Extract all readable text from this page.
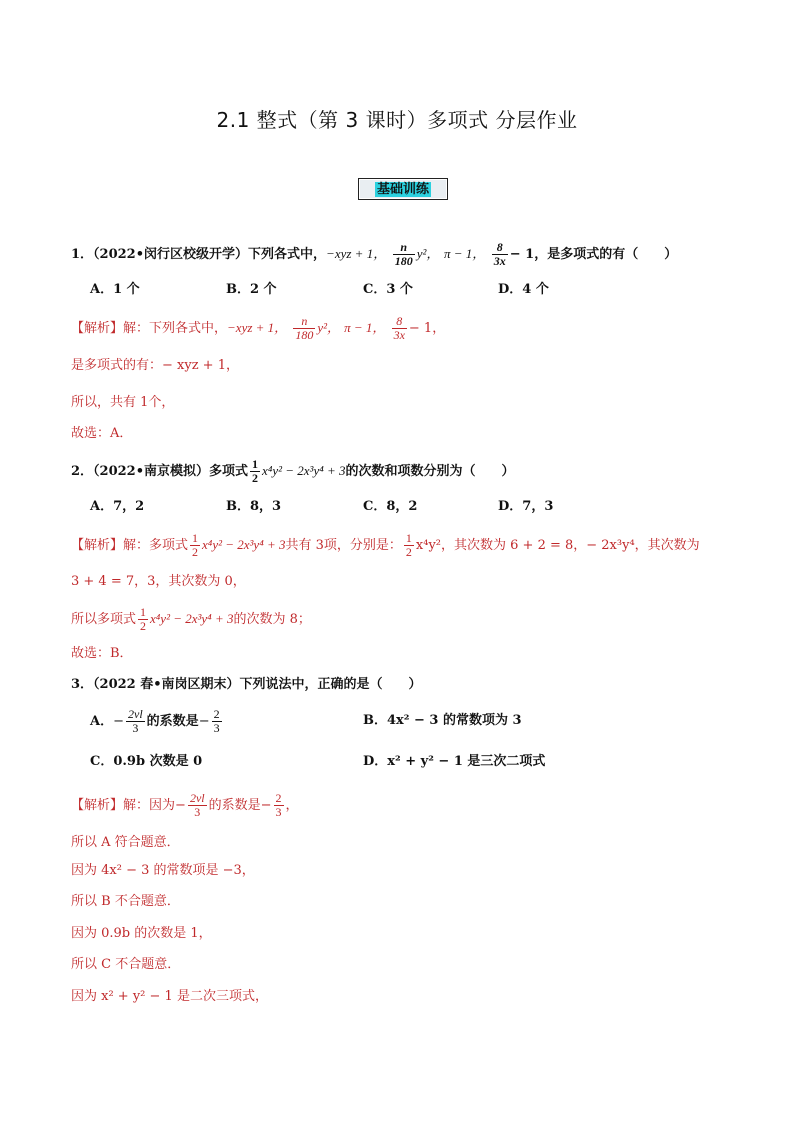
2.1 整式（第 3 课时）多项式 分层作业
基础训练
1．（2022•闵行区校级开学）下列各式中，−xyz + 1， $\frac{n}{180} y^2$， π − 1， $\frac{8}{3x} - 1$，是多项式的有（　　）
A．1 个	B．2 个	C．3 个	D．4 个
【解析】解：下列各式中，−xyz + 1， $\frac{n}{180} y^2$， π − 1， $\frac{8}{3x} - 1$，
是多项式的有：− xyz + 1，
所以，共有 1个，
故选：A．
2．（2022•南京模拟）多项式 $\frac{1}{2} x^4y^2 - 2x^3y^4 + 3$的次数和项数分别为（　　）
A．7，2	B．8，3	C．8，2	D．7，3
【解析】解：多项式 $\frac{1}{2} x^4y^2 - 2x^3y^4 + 3$共有 3项，分别是： $\frac{1}{2} x^4y^2$，其次数为 6 + 2 = 8，− 2x³y⁴，其次数为
3 + 4 = 7，3，其次数为 0，
所以多项式 $\frac{1}{2} x^4y^2 - 2x^3y^4 + 3$的次数为 8；
故选：B．
3．（2022 春•南岗区期末）下列说法中，正确的是（　　）
A．− $\frac{2vl}{3}$ 的系数是− $\frac{2}{3}$	B．4x² − 3 的常数项为 3
C．0.9b 次数是 0	D．x² + y² − 1 是三次二项式
【解析】解：因为− $\frac{2vl}{3}$ 的系数是− $\frac{2}{3}$ ，
所以 A 符合题意．
因为 4x² − 3 的常数项是 −3，
所以 B 不合题意．
因为 0.9b 的次数是 1，
所以 C 不合题意．
因为 x² + y² − 1 是二次三项式，
